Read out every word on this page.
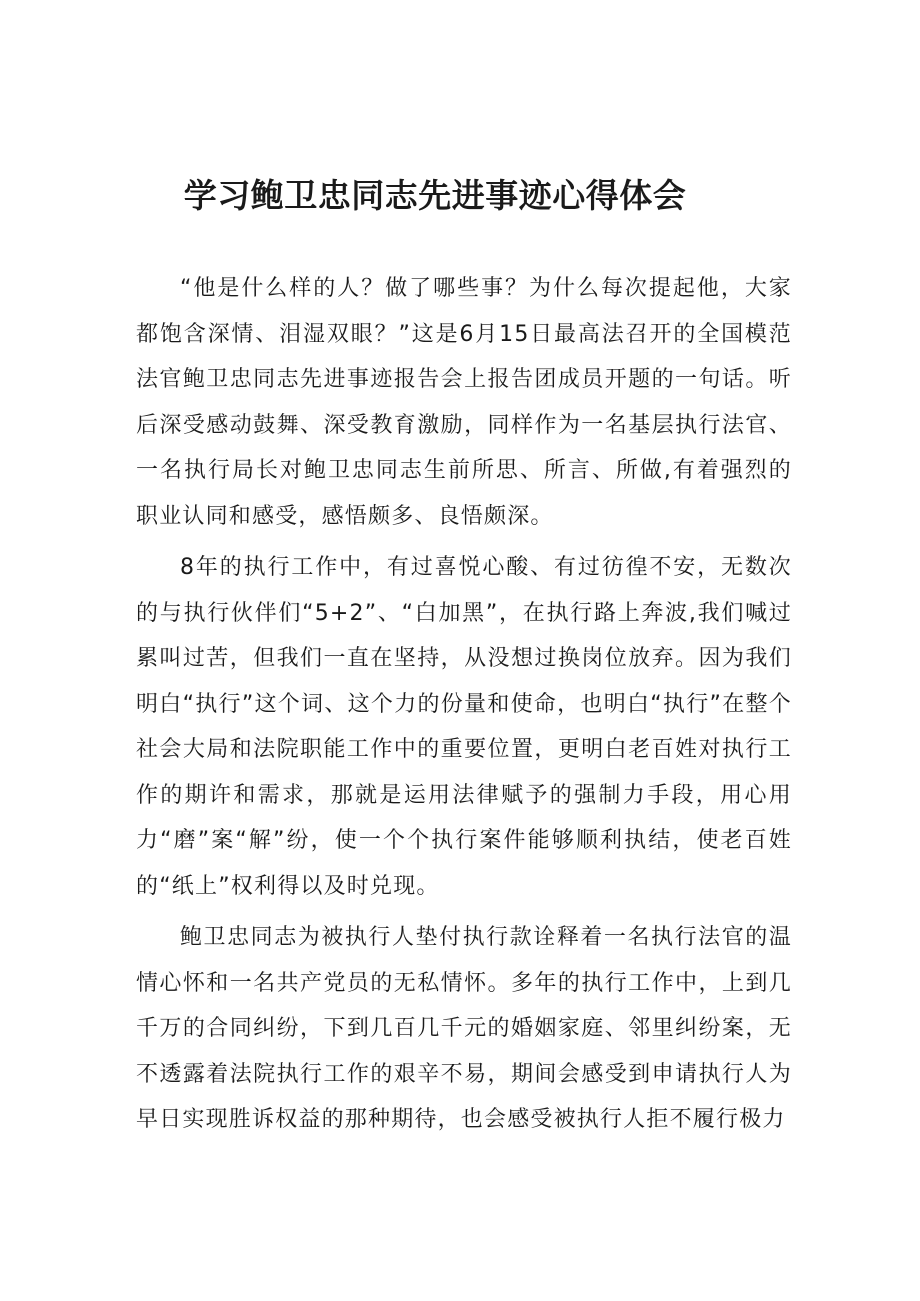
学习鲍卫忠同志先进事迹心得体会

“他是什么样的人？做了哪些事？为什么每次提起他，大家都饱含深情、泪湿双眼？”这是6月15日最高法召开的全国模范法官鲍卫忠同志先进事迹报告会上报告团成员开题的一句话。听后深受感动鼓舞、深受教育激励，同样作为一名基层执行法官、一名执行局长对鲍卫忠同志生前所思、所言、所做,有着强烈的职业认同和感受，感悟颇多、良悟颇深。

8年的执行工作中，有过喜悦心酸、有过彷徨不安，无数次的与执行伙伴们“5+2”、“白加黑”，在执行路上奔波,我们喊过累叫过苦，但我们一直在坚持，从没想过换岗位放弃。因为我们明白“执行”这个词、这个力的份量和使命，也明白“执行”在整个社会大局和法院职能工作中的重要位置，更明白老百姓对执行工作的期许和需求，那就是运用法律赋予的强制力手段，用心用力“磨”案“解”纷，使一个个执行案件能够顺利执结，使老百姓的“纸上”权利得以及时兑现。

鲍卫忠同志为被执行人垫付执行款诠释着一名执行法官的温情心怀和一名共产党员的无私情怀。多年的执行工作中，上到几千万的合同纠纷，下到几百几千元的婚姻家庭、邻里纠纷案，无不透露着法院执行工作的艰辛不易，期间会感受到申请执行人为早日实现胜诉权益的那种期待，也会感受被执行人拒不履行极力
